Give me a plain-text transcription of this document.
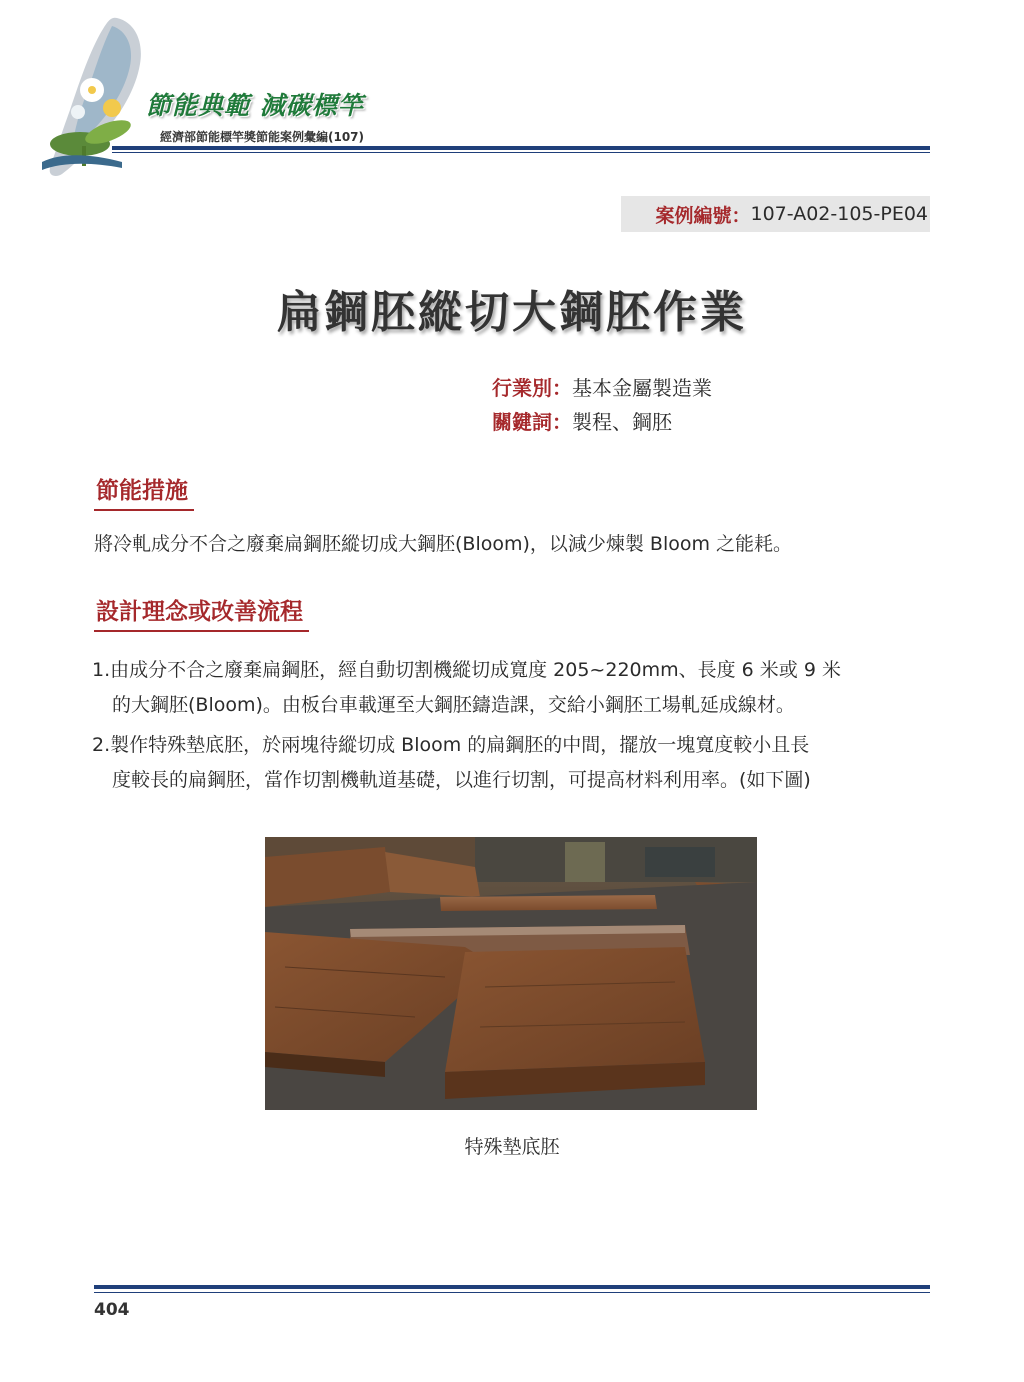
節能典範 減碳標竿
經濟部節能標竿獎節能案例彙編(107)
案例編號： 107-A02-105-PE04
扁鋼胚縱切大鋼胚作業
行業別：基本金屬製造業
關鍵詞：製程、鋼胚
節能措施
將冷軋成分不合之廢棄扁鋼胚縱切成大鋼胚(Bloom)，以減少煉製 Bloom 之能耗。
設計理念或改善流程
1.由成分不合之廢棄扁鋼胚，經自動切割機縱切成寬度 205~220mm、長度 6 米或 9 米
的大鋼胚(Bloom)。由板台車載運至大鋼胚鑄造課，交給小鋼胚工場軋延成線材。
2.製作特殊墊底胚，於兩塊待縱切成 Bloom 的扁鋼胚的中間，擺放一塊寬度較小且長
度較長的扁鋼胚，當作切割機軌道基礎，以進行切割，可提高材料利用率。(如下圖)
特殊墊底胚
404
